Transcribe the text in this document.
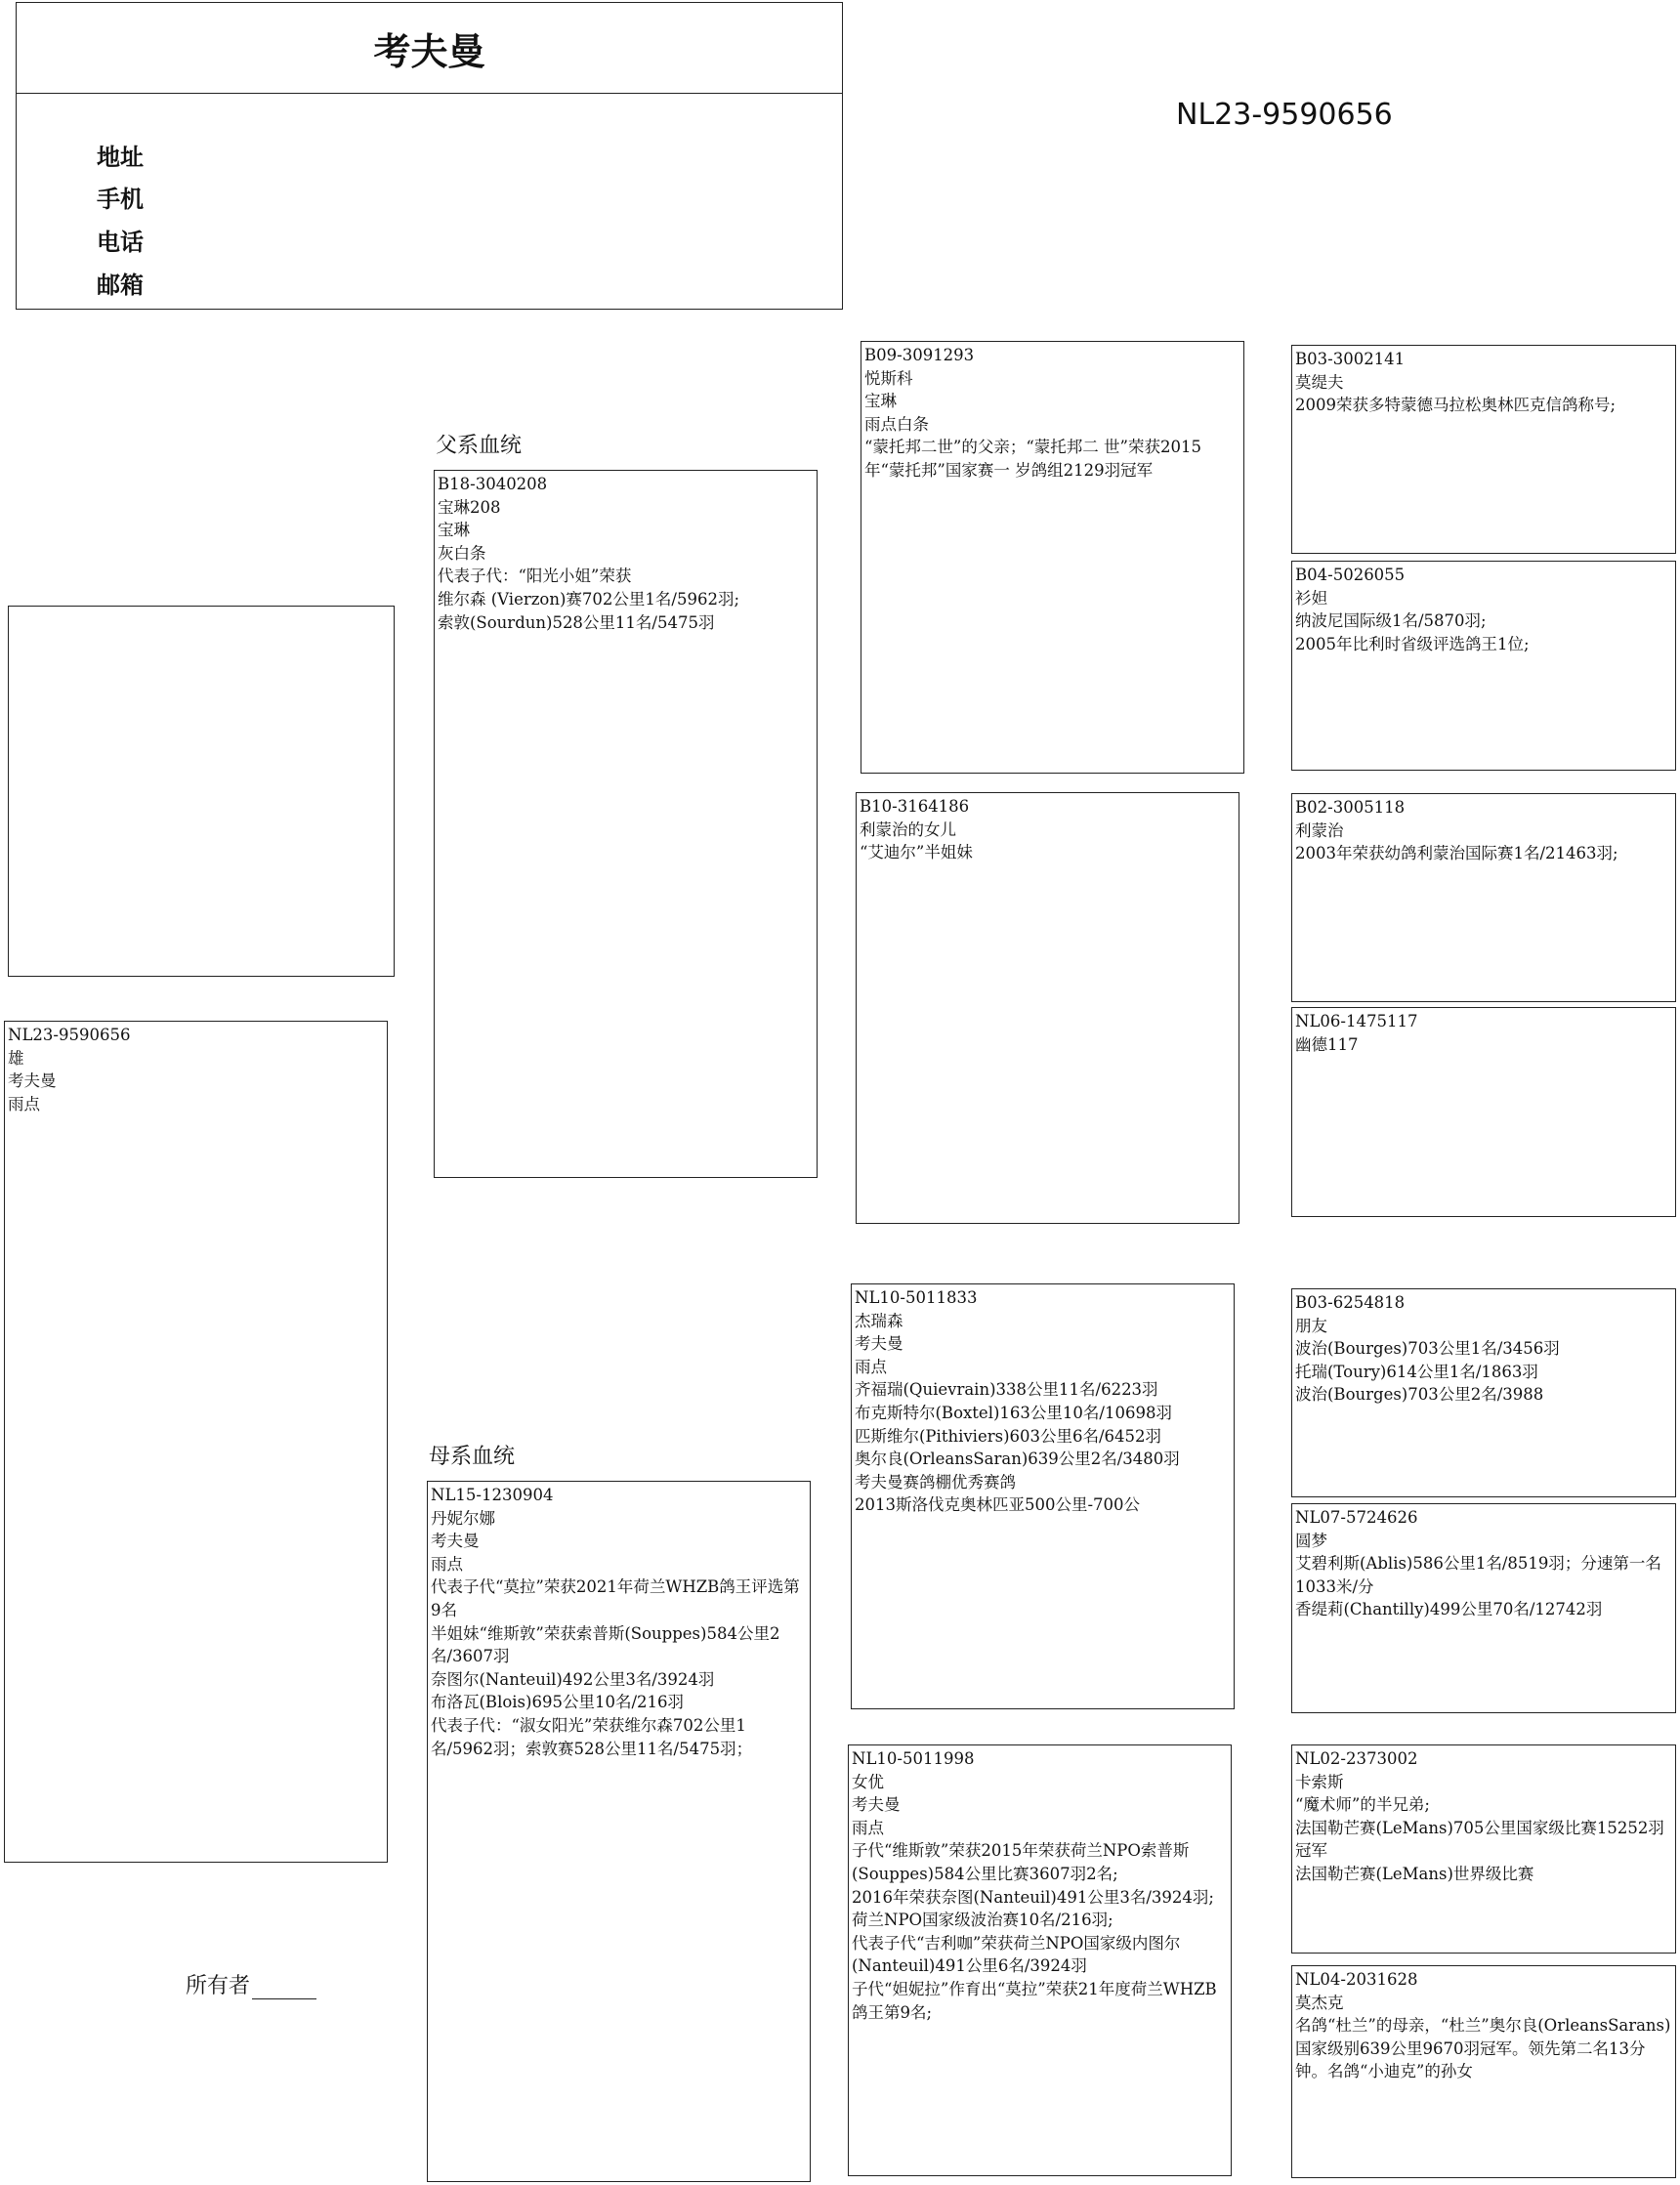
考夫曼
地址
手机
电话
邮箱
NL23-9590656
NL23-9590656
雄
考夫曼
雨点
所有者
父系血统
母系血统
B18-3040208
宝琳208
宝琳
灰白条
代表子代：“阳光小姐”荣获
维尔森 (Vierzon)赛702公里1名/5962羽;
索敦(Sourdun)528公里11名/5475羽
NL15-1230904
丹妮尔娜
考夫曼
雨点
代表子代“莫拉”荣获2021年荷兰WHZB鸽王评选第9名
半姐妹“维斯敦”荣获索普斯(Souppes)584公里2名/3607羽
奈图尔(Nanteuil)492公里3名/3924羽
布洛瓦(Blois)695公里10名/216羽
代表子代：“淑女阳光”荣获维尔森702公里1名/5962羽；索敦赛528公里11名/5475羽；
B09-3091293
悦斯科
宝琳
雨点白条
“蒙托邦二世”的父亲；“蒙托邦二 世”荣获2015年“蒙托邦”国家赛一 岁鸽组2129羽冠军
B10-3164186
利蒙治的女儿
“艾迪尔”半姐妹
NL10-5011833
杰瑞森
考夫曼
雨点
齐福瑞(Quievrain)338公里11名/6223羽
布克斯特尔(Boxtel)163公里10名/10698羽
匹斯维尔(Pithiviers)603公里6名/6452羽
奥尔良(OrleansSaran)639公里2名/3480羽
考夫曼赛鸽棚优秀赛鸽
2013斯洛伐克奥林匹亚500公里-700公
NL10-5011998
女优
考夫曼
雨点
子代“维斯敦”荣获2015年荣获荷兰NPO索普斯(Souppes)584公里比赛3607羽2名;
2016年荣获奈图(Nanteuil)491公里3名/3924羽;
荷兰NPO国家级波治赛10名/216羽;
代表子代“吉利咖”荣获荷兰NPO国家级内图尔(Nanteuil)491公里6名/3924羽
子代“妲妮拉”作育出“莫拉”荣获21年度荷兰WHZB鸽王第9名;
B03-3002141
莫缇夫
2009荣获多特蒙德马拉松奥林匹克信鸽称号;
B04-5026055
衫妲
纳波尼国际级1名/5870羽;
2005年比利时省级评选鸽王1位;
B02-3005118
利蒙治
2003年荣获幼鸽利蒙治国际赛1名/21463羽;
NL06-1475117
幽德117
B03-6254818
朋友
波治(Bourges)703公里1名/3456羽
托瑞(Toury)614公里1名/1863羽
波治(Bourges)703公里2名/3988
NL07-5724626
圆梦
艾碧利斯(Ablis)586公里1名/8519羽；分速第一名1033米/分
香缇莉(Chantilly)499公里70名/12742羽
NL02-2373002
卡索斯
“魔术师”的半兄弟;
法国勒芒赛(LeMans)705公里国家级比赛15252羽冠军
法国勒芒赛(LeMans)世界级比赛
NL04-2031628
莫杰克
名鸽“杜兰”的母亲，“杜兰”奥尔良(OrleansSarans)国家级别639公里9670羽冠军。领先第二名13分钟。名鸽“小迪克”的孙女
